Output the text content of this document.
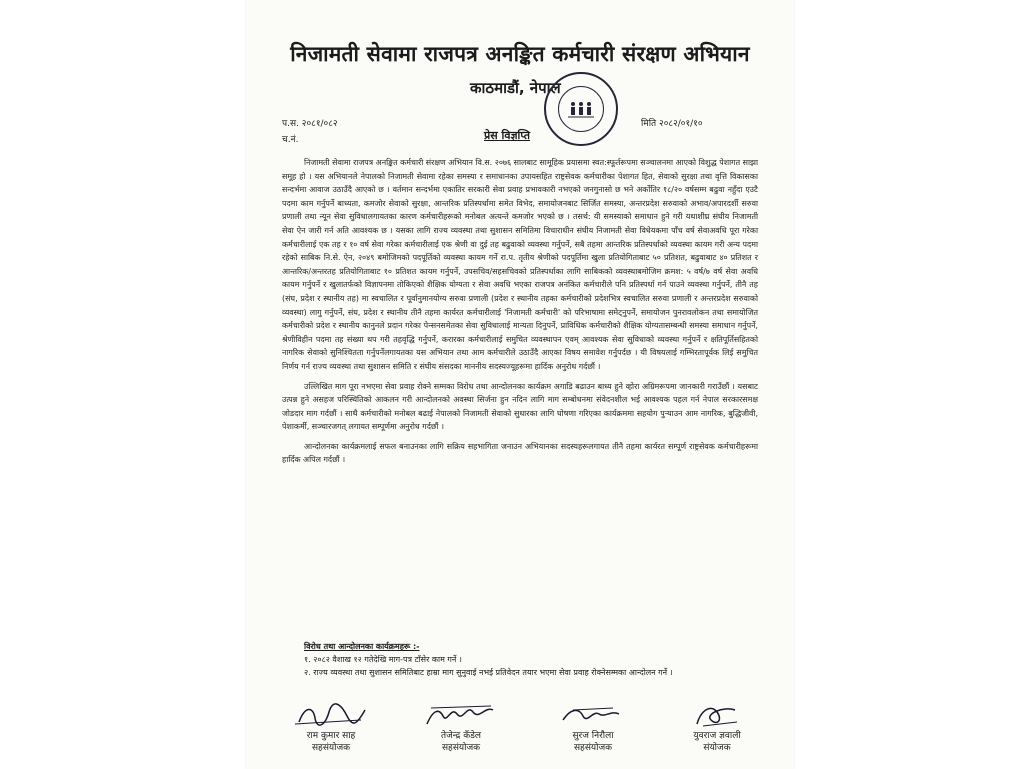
निजामती सेवामा राजपत्र अनङ्कित कर्मचारी संरक्षण अभियान
काठमाडौं, नेपाल
प.स. २०८१/०८२
च.नं.
मिति २०८२/०१/१०
प्रेस विज्ञप्ति

निजामती सेवामा राजपत्र अनङ्कित कर्मचारी संरक्षण अभियान वि.स. २०७६ सालबाट सामूहिक प्रयासमा स्वत:स्फूर्तरूपमा सञ्चालनमा आएको विशुद्ध पेशागत साझा समूह हो । यस अभियानले नेपालको निजामती सेवामा रहेका समस्या र समाधानका उपायसहित राष्ट्रसेवक कर्मचारीका पेशागत हित, सेवाको सुरक्षा तथा वृत्ति विकासका सन्दर्भमा आवाज उठाउँदै आएको छ । वर्तमान सन्दर्भमा एकातिर सरकारी सेवा प्रवाह प्रभावकारी नभएको जनगुनासो छ भने अर्कोतिर १८/२० वर्षसम्म बढुवा नहुँदा एउटै पदमा काम गर्नुपर्ने बाध्यता, कमजोर सेवाको सुरक्षा, आन्तरिक प्रतिस्पर्धामा समेत विभेद, समायोजनबाट सिर्जित समस्या, अन्तरप्रदेश सरुवाको अभाव/अपारदर्शी सरुवा प्रणाली तथा न्यून सेवा सुविधालगायतका कारण कर्मचारीहरूको मनोबल अत्यन्ते कमजोर भएको छ । तसर्थ: यी समस्याको समाधान हुने गरी यथाशीघ्र संघीय निजामती सेवा ऐन जारी गर्न अति आवश्यक छ । यसका लागि राज्य व्यवस्था तथा सुशासन समितिमा विचाराधीन संघीय निजामती सेवा विधेयकमा पाँच वर्ष सेवाअवधि पूरा गरेका कर्मचारीलाई एक तह र १० वर्ष सेवा गरेका कर्मचारीलाई एक श्रेणी वा दुई तह बढुवाको व्यवस्था गर्नुपर्ने, सबै तहमा आन्तरिक प्रतिस्पर्धाको व्यवस्था कायम गरी अन्य पदमा रहेको साबिक नि.से. ऐन, २०४९ बमोजिमको पदपूर्तिको व्यवस्था कायम गर्ने रा.प. तृतीय श्रेणीको पदपूर्तिमा खुला प्रतियोगिताबाट ५० प्रतिशत, बढुवाबाट ४० प्रतिशत र आन्तरिक/अन्तरतह प्रतियोगिताबाट १० प्रतिशत कायम गर्नुपर्ने, उपसचिव/सहसचिवको प्रतिस्पर्धाका लागि साबिकको व्यवस्थाबमोजिम क्रमश: ५ वर्ष/७ वर्ष सेवा अवधि कायम गर्नुपर्ने र खुलातर्फको विज्ञापनमा तोकिएको शैक्षिक योग्यता र सेवा अवधि भएका राजपत्र अनंकित कर्मचारीले पनि प्रतिस्पर्धा गर्न पाउने व्यवस्था गर्नुपर्ने, तीनै तह (संघ, प्रदेश र स्थानीय तह) मा स्वचालित र पूर्वानुमानयोग्य सरुवा प्रणाली (प्रदेश र स्थानीय तहका कर्मचारीको प्रदेशभित्र स्वचालित सरुवा प्रणाली र अन्तरप्रदेश सरुवाको व्यवस्था) लागु गर्नुपर्ने, संघ, प्रदेश र स्थानीय तीनै तहमा कार्यरत कर्मचारीलाई 'निजामती कर्मचारी' को परिभाषामा समेट्नुपर्ने, समायोजन पुनरावलोकन तथा समायोजित कर्मचारीको प्रदेश र स्थानीय कानुनले प्रदान गरेका पेन्सनसमेतका सेवा सुविधालाई मान्यता दिनुपर्ने, प्राविधिक कर्मचारीको शैक्षिक योग्यतासम्बन्धी समस्या समाधान गर्नुपर्ने, श्रेणीविहीन पदमा तह संख्या थप गरी तहवृद्धि गर्नुपर्ने, करारका कर्मचारीलाई समुचित व्यवस्थापन एवम् आवश्यक सेवा सुविधाको व्यवस्था गर्नुपर्ने र क्षतिपूर्तिसहितको नागरिक सेवाको सुनिश्चितता गर्नुपर्नेलगायतका यस अभियान तथा आम कर्मचारीले उठाउँदै आएका विषय समावेश गर्नुपर्दछ । यी विषयलाई गम्भिरतापूर्वक लिई समुचित निर्णय गर्न राज्य व्यवस्था तथा सुशासन समिति र संघीय संसदका माननीय सदस्यज्यूहरूमा हार्दिक अनुरोध गर्दछौं ।

उल्लिखित माग पूरा नभएमा सेवा प्रवाह रोक्ने सम्मका विरोध तथा आन्दोलनका कार्यक्रम अगाडि बढाउन बाध्य हुने व्होरा अग्रिमरूपमा जानकारी गराउँछौं । यसबाट उत्पन्न हुने असहज परिस्थितिको आकलन गरी आन्दोलनको अवस्था सिर्जना हुन नदिन लागि माग सम्बोधनमा संवेदनशील भई आवश्यक पहल गर्न नेपाल सरकारसमक्ष जोडदार माग गर्दछौं । साथै कर्मचारीको मनोबल बढाई नेपालको निजामती सेवाको सुधारका लागि घोषणा गरिएका कार्यक्रममा सहयोग पुऱ्याउन आम नागरिक, बुद्धिजीवी, पेशाकर्मी, सञ्चारजगत् लगायत सम्पूर्णमा अनुरोध गर्दछौं ।

आन्दोलनका कार्यक्रमलाई सफल बनाउनका लागि सक्रिय सहभागिता जनाउन अभियानका सदस्यहरूलगायत तीनै तहमा कार्यरत सम्पूर्ण राष्ट्रसेवक कर्मचारीहरूमा हार्दिक अपिल गर्दछौं ।

विरोध तथा आन्दोलनका कार्यक्रमहरू :-
१. २०८२ वैशाख १२ गतेदेखि माग-पत्र टाँसेर काम गर्ने ।
२. राज्य व्यवस्था तथा सुशासन समितिबाट हाम्रा माग सुनुवाई नभई प्रतिवेदन तयार भएमा सेवा प्रवाह रोक्नेसम्मका आन्दोलन गर्ने ।
राम कुमार साह
सहसंयोजक
तेजेन्द्र कँडेल
सहसंयोजक
सुरज निरौला
सहसंयोजक
युवराज ज्ञवाली
संयोजक
